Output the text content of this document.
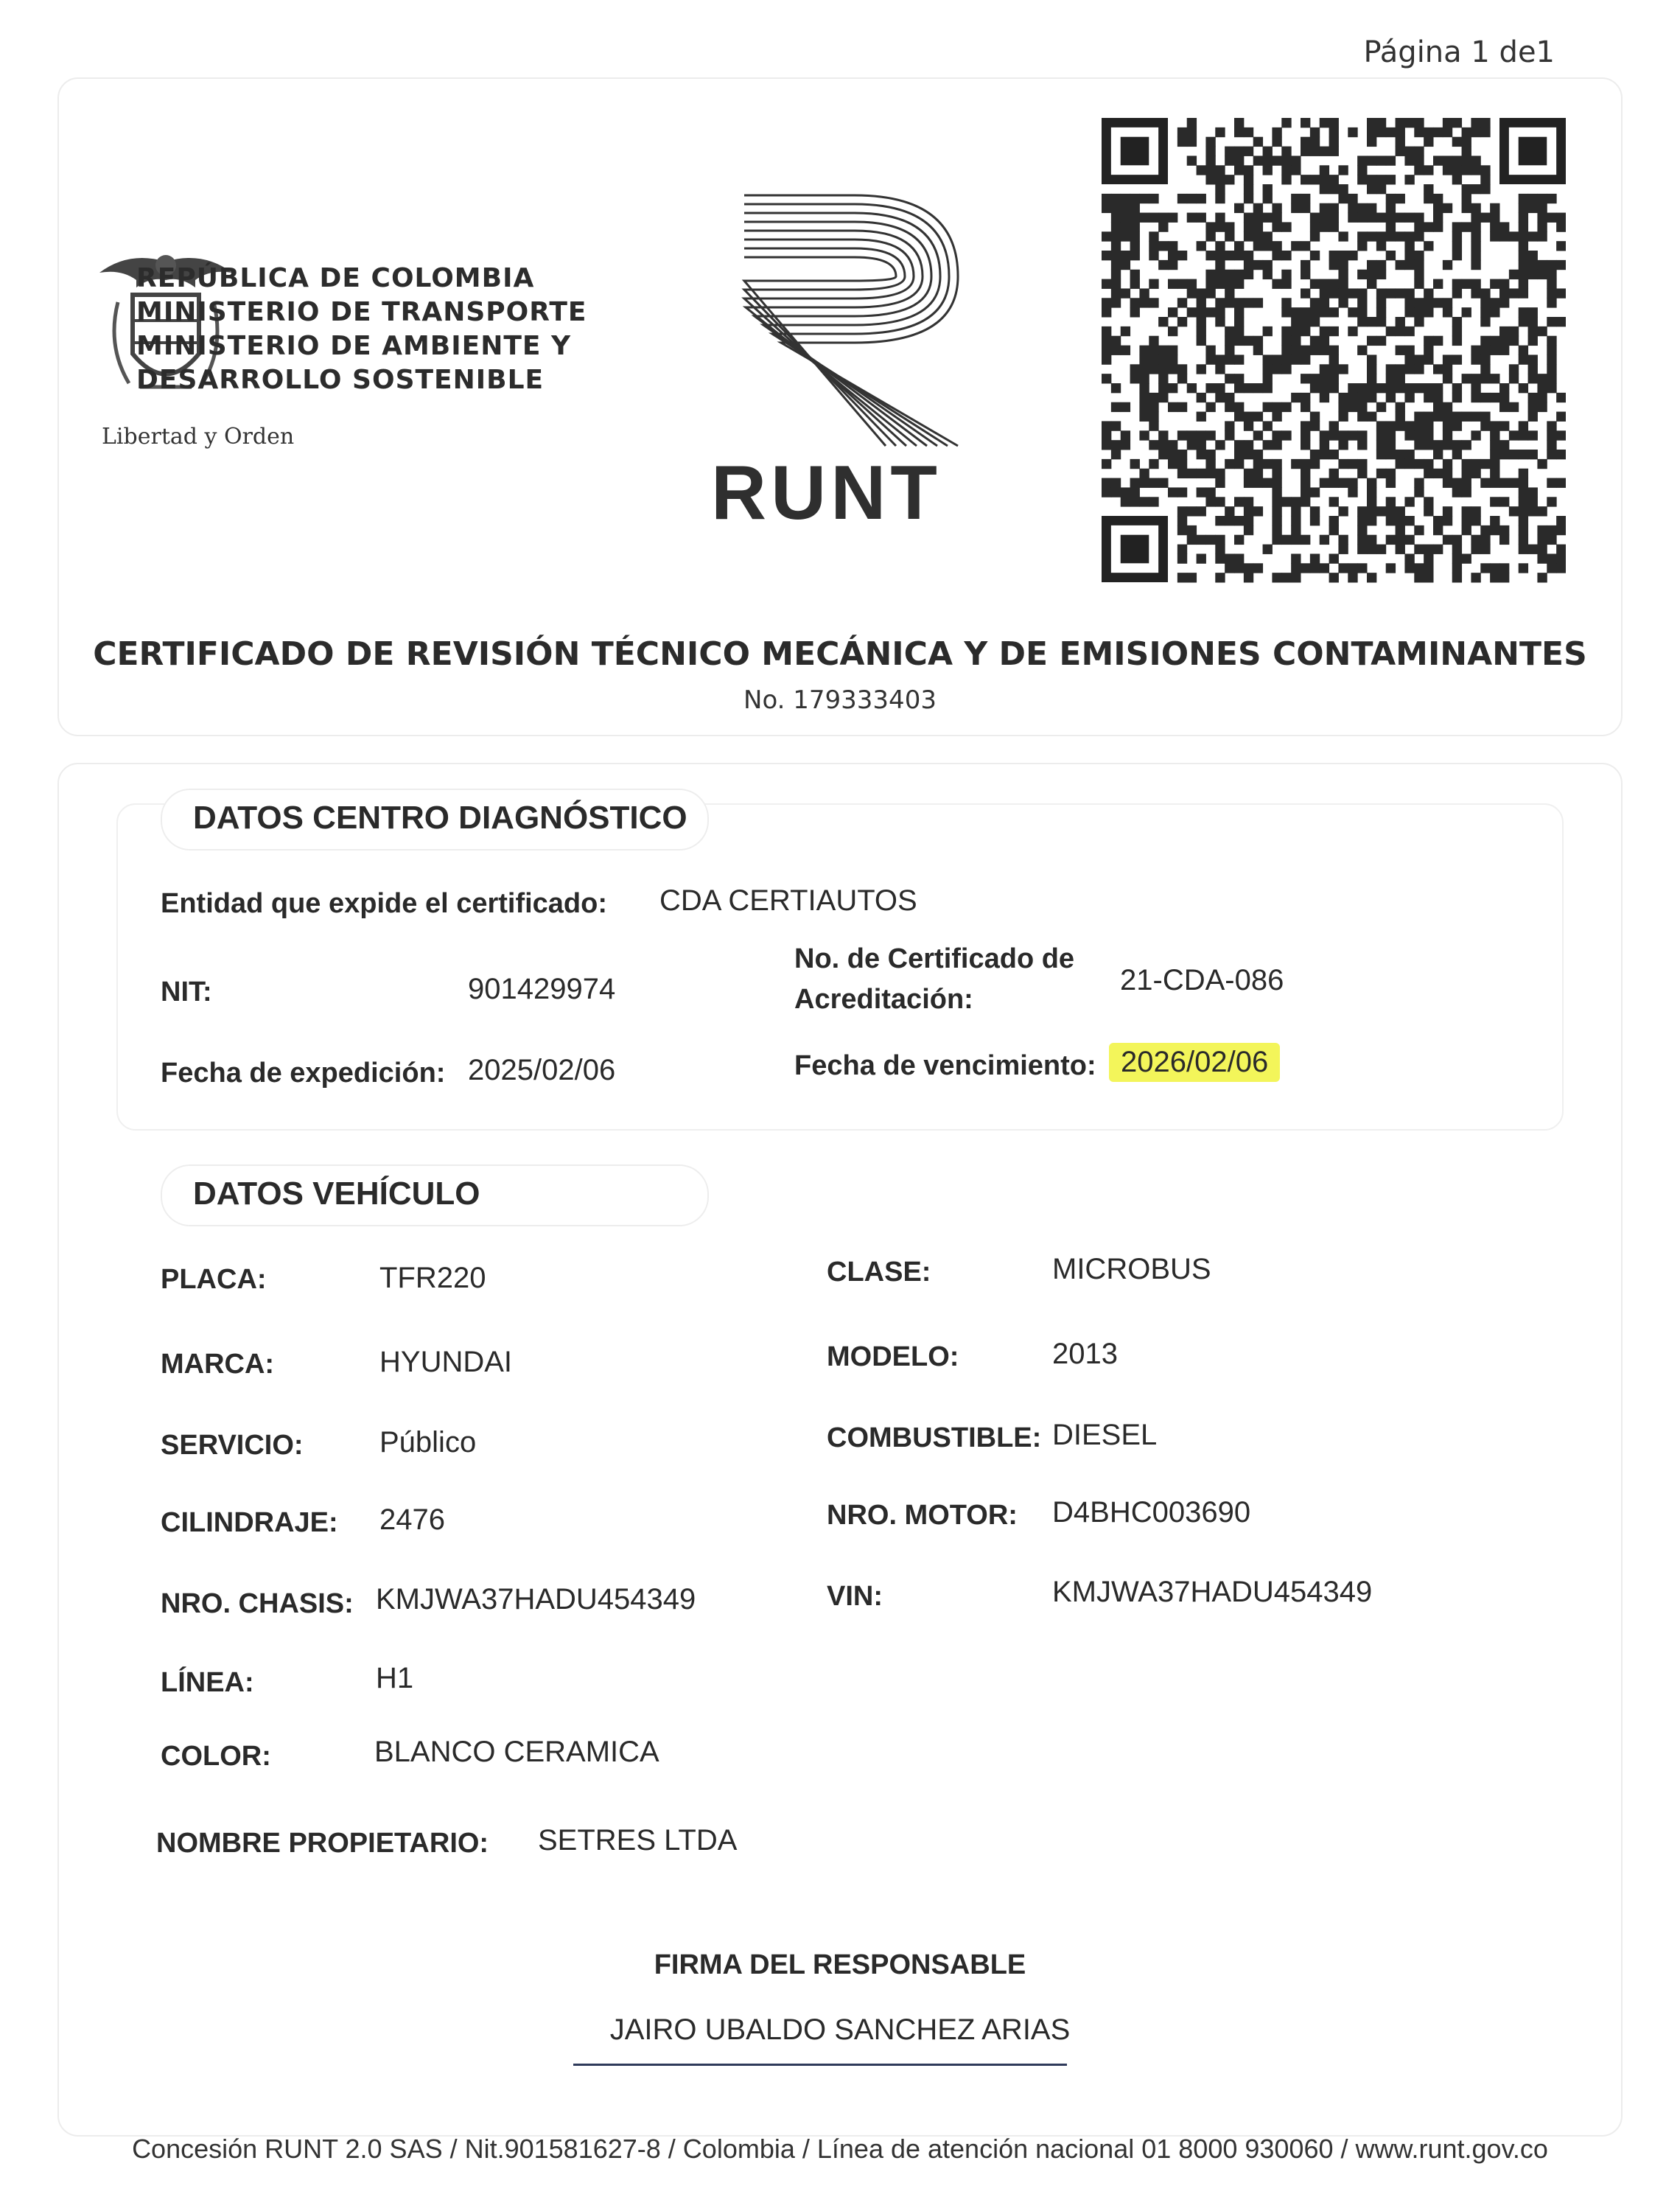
Página 1 de1
REPÚBLICA DE COLOMBIA
MINISTERIO DE TRANSPORTE
MINISTERIO DE AMBIENTE Y
DESARROLLO SOSTENIBLE
Libertad y Orden
RUNT
CERTIFICADO DE REVISIÓN TÉCNICO MECÁNICA Y DE EMISIONES CONTAMINANTES
No. 179333403
DATOS CENTRO DIAGNÓSTICO
Entidad que expide el certificado: CDA CERTIAUTOS
NIT:	901429974
No. de Certificado de
Acreditación:
21-CDA-086
Fecha de expedición: 2025/02/06	Fecha de vencimiento: 2026/02/06
DATOS VEHÍCULO
PLACA:	TFR220	CLASE:	MICROBUS
MARCA:	HYUNDAI	MODELO:	2013
SERVICIO:	Público	COMBUSTIBLE: DIESEL
CILINDRAJE: 2476	NRO. MOTOR: D4BHC003690
NRO. CHASIS: KMJWA37HADU454349	VIN:	KMJWA37HADU454349
LÍNEA:	H1
COLOR:	BLANCO CERAMICA
NOMBRE PROPIETARIO: SETRES LTDA
FIRMA DEL RESPONSABLE
JAIRO UBALDO SANCHEZ ARIAS
Concesión RUNT 2.0 SAS / Nit.901581627-8 / Colombia / Línea de atención nacional 01 8000 930060 / www.runt.gov.co
